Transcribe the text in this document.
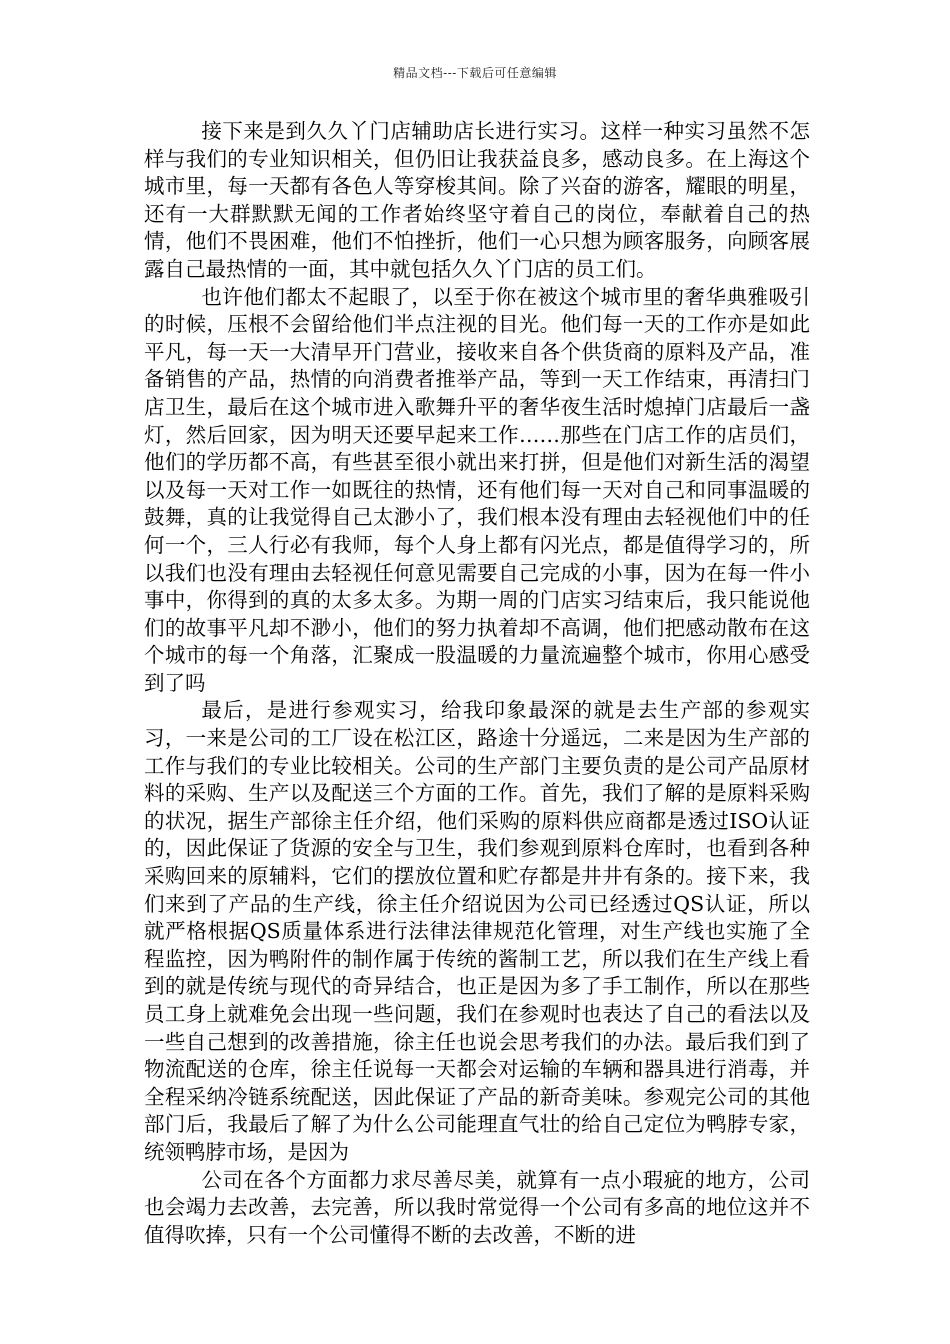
精品文档---下载后可任意编辑

接下来是到久久丫门店辅助店长进行实习。这样一种实习虽然不怎样与我们的专业知识相关，但仍旧让我获益良多，感动良多。在上海这个城市里，每一天都有各色人等穿梭其间。除了兴奋的游客，耀眼的明星，还有一大群默默无闻的工作者始终坚守着自己的岗位，奉献着自己的热情，他们不畏困难，他们不怕挫折，他们一心只想为顾客服务，向顾客展露自己最热情的一面，其中就包括久久丫门店的员工们。

也许他们都太不起眼了，以至于你在被这个城市里的奢华典雅吸引的时候，压根不会留给他们半点注视的目光。他们每一天的工作亦是如此平凡，每一天一大清早开门营业，接收来自各个供货商的原料及产品，准备销售的产品，热情的向消费者推举产品，等到一天工作结束，再清扫门店卫生，最后在这个城市进入歌舞升平的奢华夜生活时熄掉门店最后一盏灯，然后回家，因为明天还要早起来工作……那些在门店工作的店员们，他们的学历都不高，有些甚至很小就出来打拼，但是他们对新生活的渴望以及每一天对工作一如既往的热情，还有他们每一天对自己和同事温暖的鼓舞，真的让我觉得自己太渺小了，我们根本没有理由去轻视他们中的任何一个，三人行必有我师，每个人身上都有闪光点，都是值得学习的，所以我们也没有理由去轻视任何意见需要自己完成的小事，因为在每一件小事中，你得到的真的太多太多。为期一周的门店实习结束后，我只能说他们的故事平凡却不渺小，他们的努力执着却不高调，他们把感动散布在这个城市的每一个角落，汇聚成一股温暖的力量流遍整个城市，你用心感受到了吗

最后，是进行参观实习，给我印象最深的就是去生产部的参观实习，一来是公司的工厂设在松江区，路途十分遥远，二来是因为生产部的工作与我们的专业比较相关。公司的生产部门主要负责的是公司产品原材料的采购、生产以及配送三个方面的工作。首先，我们了解的是原料采购的状况，据生产部徐主任介绍，他们采购的原料供应商都是透过ISO认证的，因此保证了货源的安全与卫生，我们参观到原料仓库时，也看到各种采购回来的原辅料，它们的摆放位置和贮存都是井井有条的。接下来，我们来到了产品的生产线，徐主任介绍说因为公司已经透过QS认证，所以就严格根据QS质量体系进行法律法律规范化管理，对生产线也实施了全程监控，因为鸭附件的制作属于传统的酱制工艺，所以我们在生产线上看到的就是传统与现代的奇异结合，也正是因为多了手工制作，所以在那些员工身上就难免会出现一些问题，我们在参观时也表达了自己的看法以及一些自己想到的改善措施，徐主任也说会思考我们的办法。最后我们到了物流配送的仓库，徐主任说每一天都会对运输的车辆和器具进行消毒，并全程采纳冷链系统配送，因此保证了产品的新奇美味。参观完公司的其他部门后，我最后了解了为什么公司能理直气壮的给自己定位为鸭脖专家，统领鸭脖市场，是因为

公司在各个方面都力求尽善尽美，就算有一点小瑕疵的地方，公司也会竭力去改善，去完善，所以我时常觉得一个公司有多高的地位这并不值得吹捧，只有一个公司懂得不断的去改善，不断的进
